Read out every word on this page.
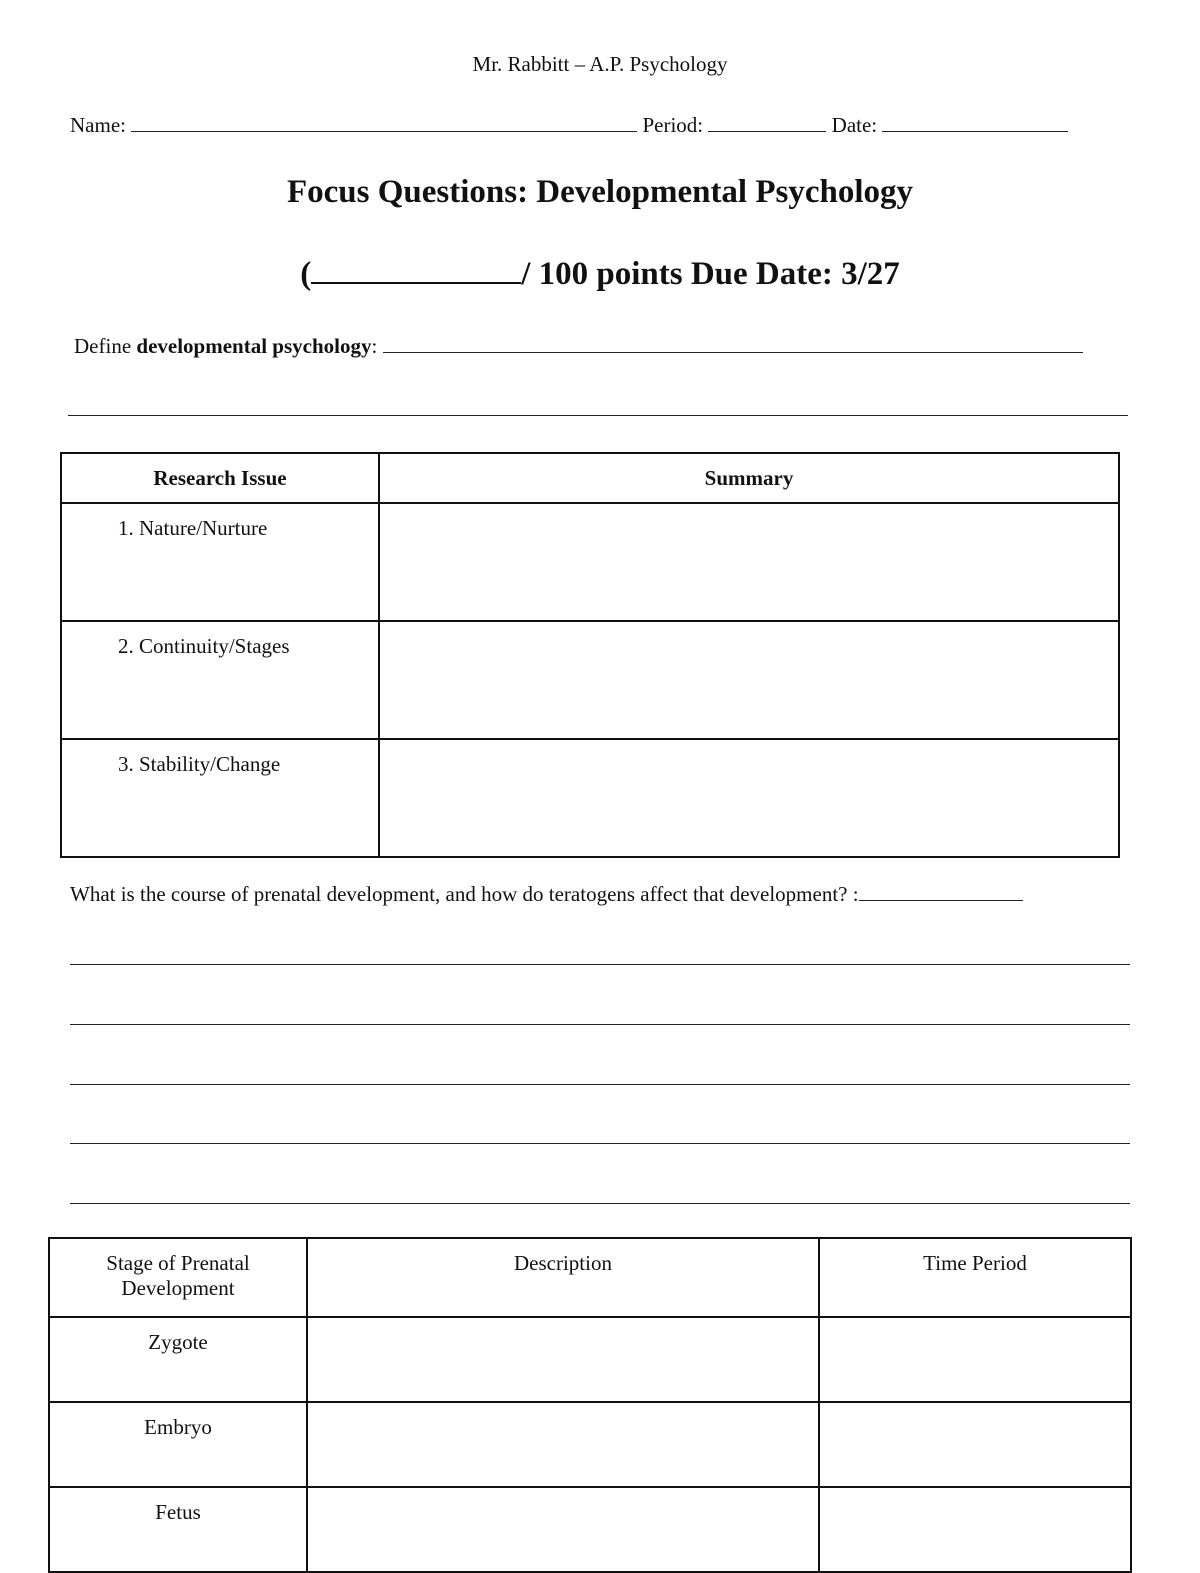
Mr. Rabbitt – A.P. Psychology
Name:	Period:	Date:
Focus Questions: Developmental Psychology
(	/ 100 points Due Date: 3/27
Define developmental psychology:
Research Issue	Summary
1. Nature/Nurture	
2. Continuity/Stages	
3. Stability/Change	
What is the course of prenatal development, and how do teratogens affect that development? :
Stage of Prenatal Development	Description	Time Period
Zygote		
Embryo		
Fetus		
